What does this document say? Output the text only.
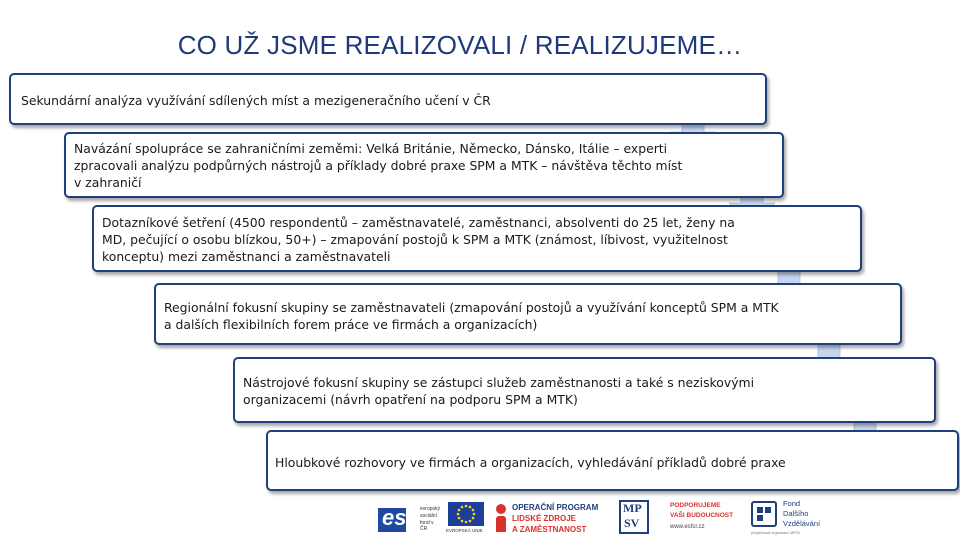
CO UŽ JSME REALIZOVALI / REALIZUJEME…
Sekundární analýza využívání sdílených míst a mezigeneračního učení v ČR
Navázání spolupráce se zahraničními zeměmi: Velká Británie, Německo, Dánsko, Itálie – experti zpracovali analýzu podpůrných nástrojů a příklady dobré praxe SPM a MTK – návštěva těchto míst v zahraničí
Dotazníkové šetření (4500 respondentů – zaměstnavatelé, zaměstnanci, absolventi do 25 let, ženy na MD, pečující o osobu blízkou, 50+) – zmapování postojů k SPM a MTK (známost, líbivost, využitelnost konceptu) mezi zaměstnanci a zaměstnavateli
Regionální fokusní skupiny se zaměstnavateli (zmapování postojů a využívání konceptů SPM a MTK a dalších flexibilních forem práce ve firmách a organizacích)
Nástrojové fokusní skupiny se zástupci služeb zaměstnanosti a také s neziskovými organizacemi (návrh opatření na podporu SPM a MTK)
Hloubkové rozhovory ve firmách a organizacích, vyhledávání příkladů dobré praxe
esf evropský
sociální
fond v ČR	EVROPSKÁ UNIE
OPERAČNÍ PROGRAM
LIDSKÉ ZDROJE
A ZAMĚSTNANOST
MP
SV
PODPORUJEME
VAŠI BUDOUCNOST
www.esfcr.cz
Fond
Dalšího
Vzdělávání
příspěvková organizace MPSV
